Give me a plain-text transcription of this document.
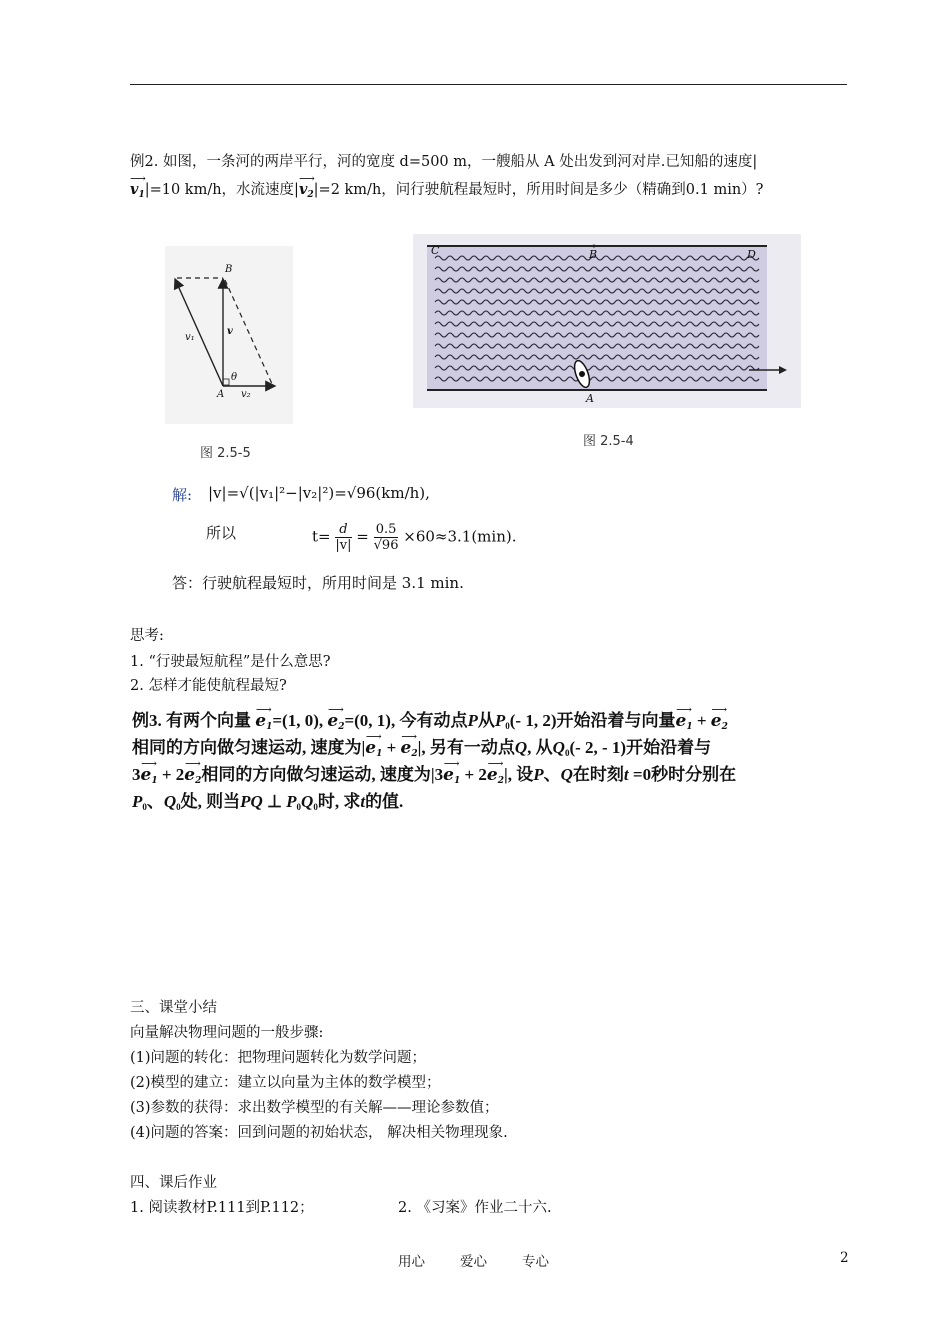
例2. 如图，一条河的两岸平行，河的宽度 d=500 m，一艘船从 A 处出发到河对岸.已知船的速度|
⟶
$v_1|=10$ km/h，水流速度|
⟶
$v_2|=2$ km/h，问行驶航程最短时，所用时间是多少（精确到0.1 min）?
B
v₁
v
θ
A v₂
图 2.5-5
C	B	D
A
图 2.5-4
解: |v|=√(|v₁|²−|v₂|²)=√96(km/h),
所以	$t= \frac{d}{|v|} = \frac{0.5}{√96} \times 60\approx 3.1(\min)$.
答：行驶航程最短时，所用时间是 3.1 min.
思考:
1. “行驶最短航程”是什么意思?
2. 怎样才能使航程最短?
例3. 有两个向量
⟶
$e_1=(1$, 0),
⟶
$e_2=(0$, 1), 今有动点P从$P_0(-$ 1, 2)开始沿着与向量
⟶
$e_1$ +
⟶
$e_2$
相同的方向做匀速运动, 速度为|
⟶
$e_1$ +
⟶
$e_2|$, 另有一动点Q, 从$Q_0(-$ 2, - 1)开始沿着与
3
⟶
$e_1 + 2$
⟶
$e_2$相同的方向做匀速运动, 速度为|3
⟶
$e_1 + 2$
⟶
$e_2|$, 设P、Q在时刻t =0秒时分别在
$P_0$、$Q_0$处, 则当PQ ⊥ $P_0Q_0$时, 求t的值.
三、课堂小结
向量解决物理问题的一般步骤:
(1)问题的转化：把物理问题转化为数学问题；
(2)模型的建立：建立以向量为主体的数学模型；
(3)参数的获得：求出数学模型的有关解——理论参数值；
(4)问题的答案：回到问题的初始状态， 解决相关物理现象.
四、课后作业
1. 阅读教材P.111到P.112；	2. 《习案》作业二十六.
用心	爱心	专心	2
